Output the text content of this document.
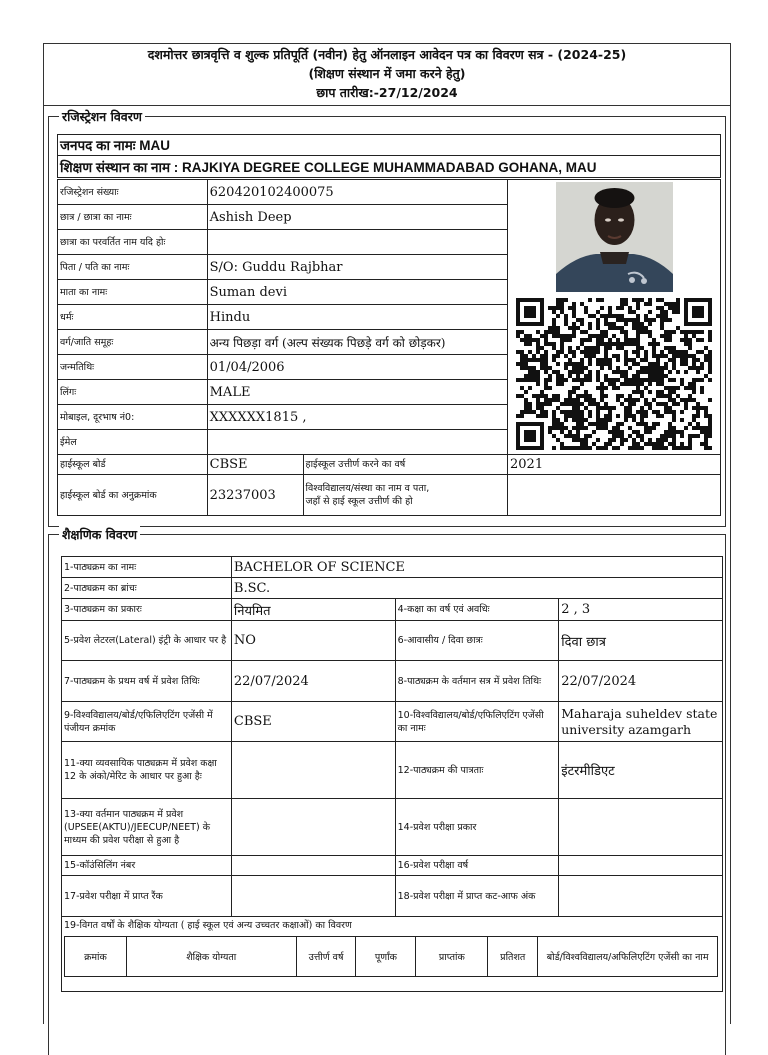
दशमोत्तर छात्रवृत्ति व शुल्क प्रतिपूर्ति (नवीन) हेतु ऑनलाइन आवेदन पत्र का विवरण सत्र - (2024-25)
(शिक्षण संस्थान में जमा करने हेतु)
छाप तारीख:-27/12/2024
रजिस्ट्रेशन विवरण
जनपद का नामः MAU
शिक्षण संस्थान का नाम : RAJKIYA DEGREE COLLEGE MUHAMMADABAD GOHANA, MAU
रजिस्ट्रेशन संख्याः	620420102400075	

छात्र / छात्रा का नामः	Ashish Deep		
छात्रा का परवर्तित नाम यदि होः			
पिता / पति का नामः	S/O: Guddu Rajbhar		
माता का नामः	Suman devi		
धर्मः	Hindu		
वर्ग/जाति समूहः	अन्य पिछड़ा वर्ग (अल्प संख्यक पिछड़े वर्ग को छोड़कर)		
जन्मतिथिः	01/04/2006		
लिंगः	MALE		
मोबाइल, दूरभाष नं0:	XXXXXX1815 ,		
ईमेल			
हाईस्कूल बोर्ड	CBSE	हाईस्कूल उत्तीर्ण करने का वर्ष	2021
हाईस्कूल बोर्ड का अनुक्रमांक	23237003	विश्वविद्यालय/संस्था का नाम व पता,
जहाँ से हाई स्कूल उत्तीर्ण की हो	

शैक्षणिक विवरण
1-पाठ्यक्रम का नामः	BACHELOR OF SCIENCE
2-पाठ्यक्रम का ब्रांचः	B.SC.
3-पाठ्यक्रम का प्रकारः	नियमित	4-कक्षा का वर्ष एवं अवधिः	2 , 3
5-प्रवेश लेटरल(Lateral) इंट्री के आधार पर है	NO	6-आवासीय / दिवा छात्रः	दिवा छात्र
7-पाठ्यक्रम के प्रथम वर्ष में प्रवेश तिथिः	22/07/2024	8-पाठ्यक्रम के वर्तमान सत्र में प्रवेश तिथिः	22/07/2024
9-विश्वविद्यालय/बोर्ड/एफिलिएटिंग एजेंसी में पंजीयन क्रमांक	CBSE	10-विश्वविद्यालय/बोर्ड/एफिलिएटिंग एजेंसी का नामः	Maharaja suheldev state university azamgarh
11-क्या व्यवसायिक पाठ्यक्रम में प्रवेश कक्षा 12 के अंको/मेरिट के आधार पर हुआ हैः		12-पाठ्यक्रम की पात्रताः	इंटरमीडिएट
13-क्या वर्तमान पाठ्यक्रम में प्रवेश (UPSEE(AKTU)/JEECUP/NEET) के माध्यम की प्रवेश परीक्षा से हुआ है		14-प्रवेश परीक्षा प्रकार	
15-कॉउंसिलिंग नंबर		16-प्रवेश परीक्षा वर्ष	
17-प्रवेश परीक्षा में प्राप्त रैंक		18-प्रवेश परीक्षा में प्राप्त कट-आफ अंक	

19-विगत वर्षों के शैक्षिक योग्यता ( हाई स्कूल एवं अन्य उच्चतर कक्षाओं) का विवरण
क्रमांक	शैक्षिक योग्यता	उत्तीर्ण वर्ष	पूर्णांक	प्राप्तांक	प्रतिशत	बोर्ड/विश्वविद्यालय/अफिलिएटिंग एजेंसी का नाम
